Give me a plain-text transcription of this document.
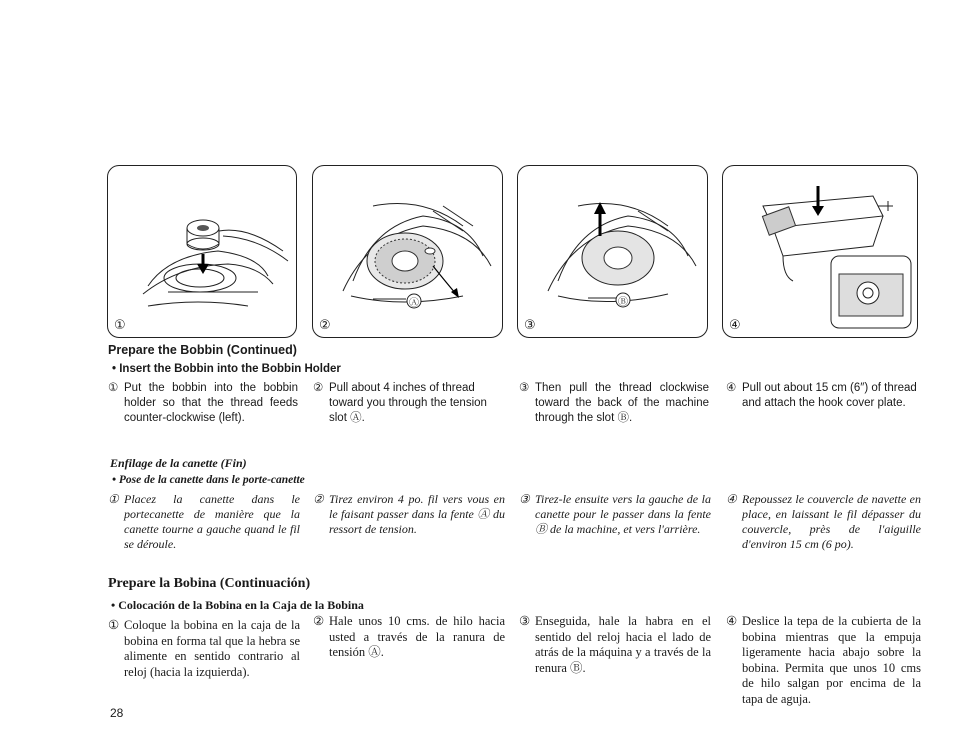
①
Ⓐ
②
Ⓑ
③	④
Prepare the Bobbin (Continued)
• Insert the Bobbin into the Bobbin Holder
① Put the bobbin into the bobbin holder so that the thread feeds counter-clockwise (left).
② Pull about 4 inches of thread toward you through the tension slot Ⓐ.
③ Then pull the thread clockwise toward the back of the machine through the slot Ⓑ.
④ Pull out about 15 cm (6″) of thread and attach the hook cover plate.
Enfilage de la canette (Fin)
• Pose de la canette dans le porte-canette
① Placez la canette dans le portecanette de manière que la canette tourne a gauche quand le fil se déroule.
② Tirez environ 4 po. fil vers vous en le faisant passer dans la fente Ⓐ du ressort de tension.
③ Tirez-le ensuite vers la gauche de la canette pour le passer dans la fente Ⓑ de la machine, et vers l'arrière.
④ Repoussez le couvercle de navette en place, en laissant le fil dépasser du couvercle, près de l'aiguille d'environ 15 cm (6 po).
Prepare la Bobina (Continuación)
• Colocación de la Bobina en la Caja de la Bobina
① Coloque la bobina en la caja de la bobina en forma tal que la hebra se alimente en sentido contrario al reloj (hacia la izquierda).
② Hale unos 10 cms. de hilo hacia usted a través de la ranura de tensión Ⓐ.
③ Enseguida, hale la habra en el sentido del reloj hacia el lado de atrás de la máquina y a través de la renura Ⓑ.
④ Deslice la tepa de la cubierta de la bobina mientras que la empuja ligeramente hacia abajo sobre la bobina. Permita que unos 10 cms de hilo salgan por encima de la tapa de aguja.
28
